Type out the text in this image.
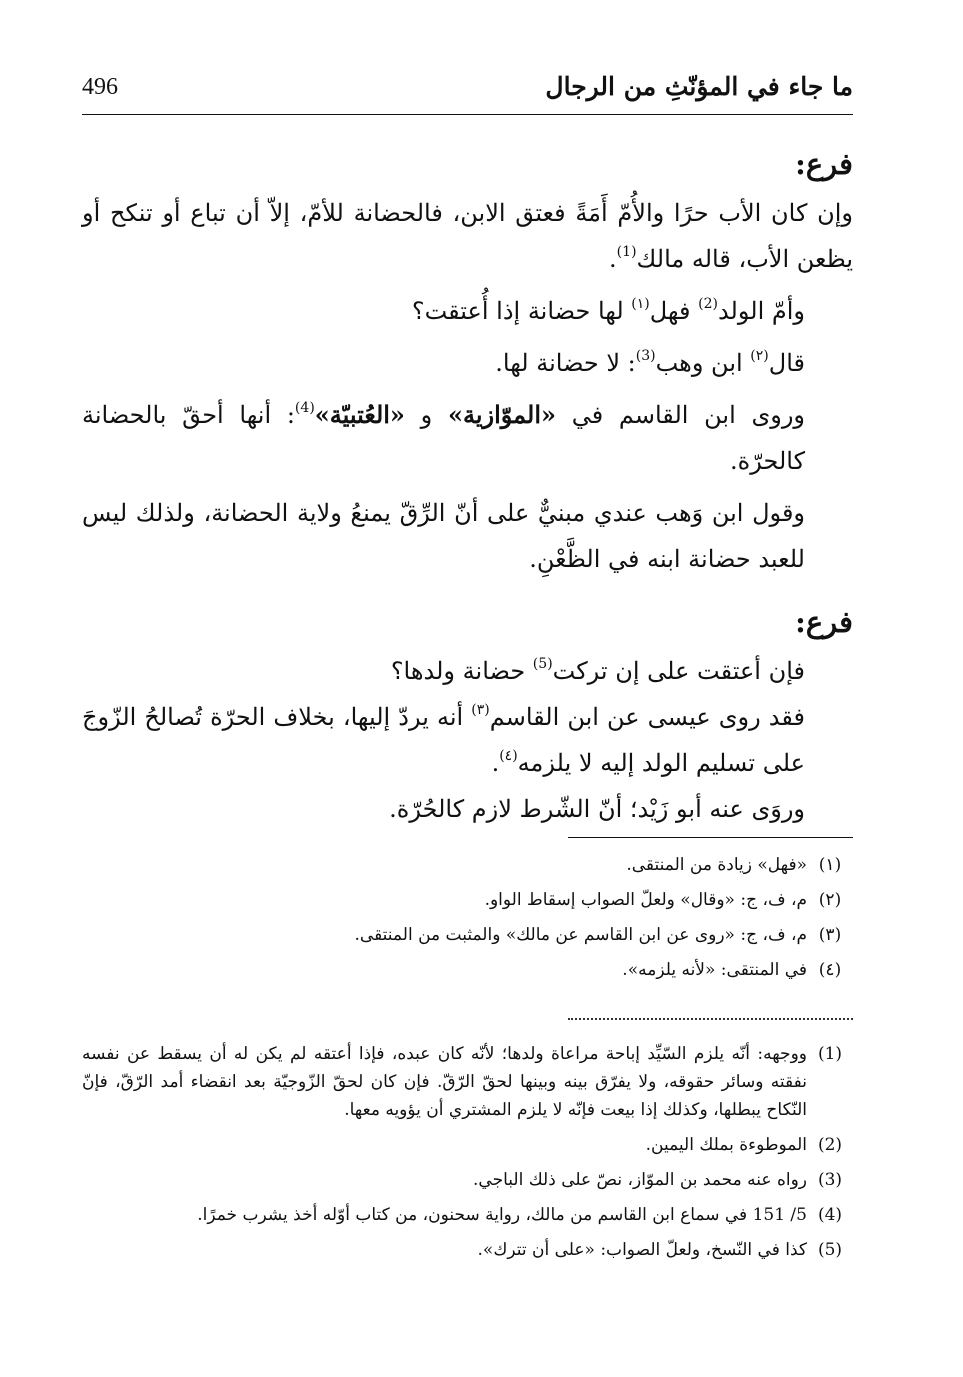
496	ما جاء في المؤنّثِ من الرجال

فرع:

وإن كان الأب حرًا والأُمّ أَمَةً فعتق الابن، فالحضانة للأمّ، إلاّ أن تباع أو تنكح أو يظعن الأب، قاله مالك$^{(1)}$.

وأمّ الولد$^{(2)}$ فهل$^{(١)}$ لها حضانة إذا أُعتقت؟

قال$^{(٢)}$ ابن وهب$^{(3)}$: لا حضانة لها.

وروى ابن القاسم في «الموّازية» و «العُتبيّة»$^{(4)}$: أنها أحقّ بالحضانة كالحرّة.

وقول ابن وَهب عندي مبنيٌّ على أنّ الرِّقّ يمنعُ ولاية الحضانة، ولذلك ليس للعبد حضانة ابنه في الظَّعْنِ.

فرع:

فإن أعتقت على إن تركت$^{(5)}$ حضانة ولدها؟

فقد روى عيسى عن ابن القاسم$^{(٣)}$ أنه يردّ إليها، بخلاف الحرّة تُصالحُ الزّوجَ على تسليم الولد إليه لا يلزمه$^{(٤)}$.

وروَى عنه أبو زَيْد؛ أنّ الشّرط لازم كالحُرّة.

(١)
«فهل» زيادة من المنتقى.
(٢)
م، ف، ج: «وقال» ولعلّ الصواب إسقاط الواو.
(٣)
م، ف، ج: «روى عن ابن القاسم عن مالك» والمثبت من المنتقى.
(٤)
في المنتقى: «لأنه يلزمه».
(1)
ووجهه: أنّه يلزم السّيِّد إباحة مراعاة ولدها؛ لأنّه كان عبده، فإذا أعتقه لم يكن له أن يسقط عن نفسه نفقته وسائر حقوقه، ولا يفرّق بينه وبينها لحقّ الرّقّ. فإن كان لحقّ الزّوجيّة بعد انقضاء أمد الرّقّ، فإنّ النّكاح يبطلها، وكذلك إذا بيعت فإنّه لا يلزم المشتري أن يؤويه معها.
(2)
الموطوءة بملك اليمين.
(3)
رواه عنه محمد بن الموّاز، نصّ على ذلك الباجي.
(4)
5/ 151 في سماع ابن القاسم من مالك، رواية سحنون، من كتاب أوّله أخذ يشرب خمرًا.
(5)
كذا في النّسخ، ولعلّ الصواب: «على أن تترك».
